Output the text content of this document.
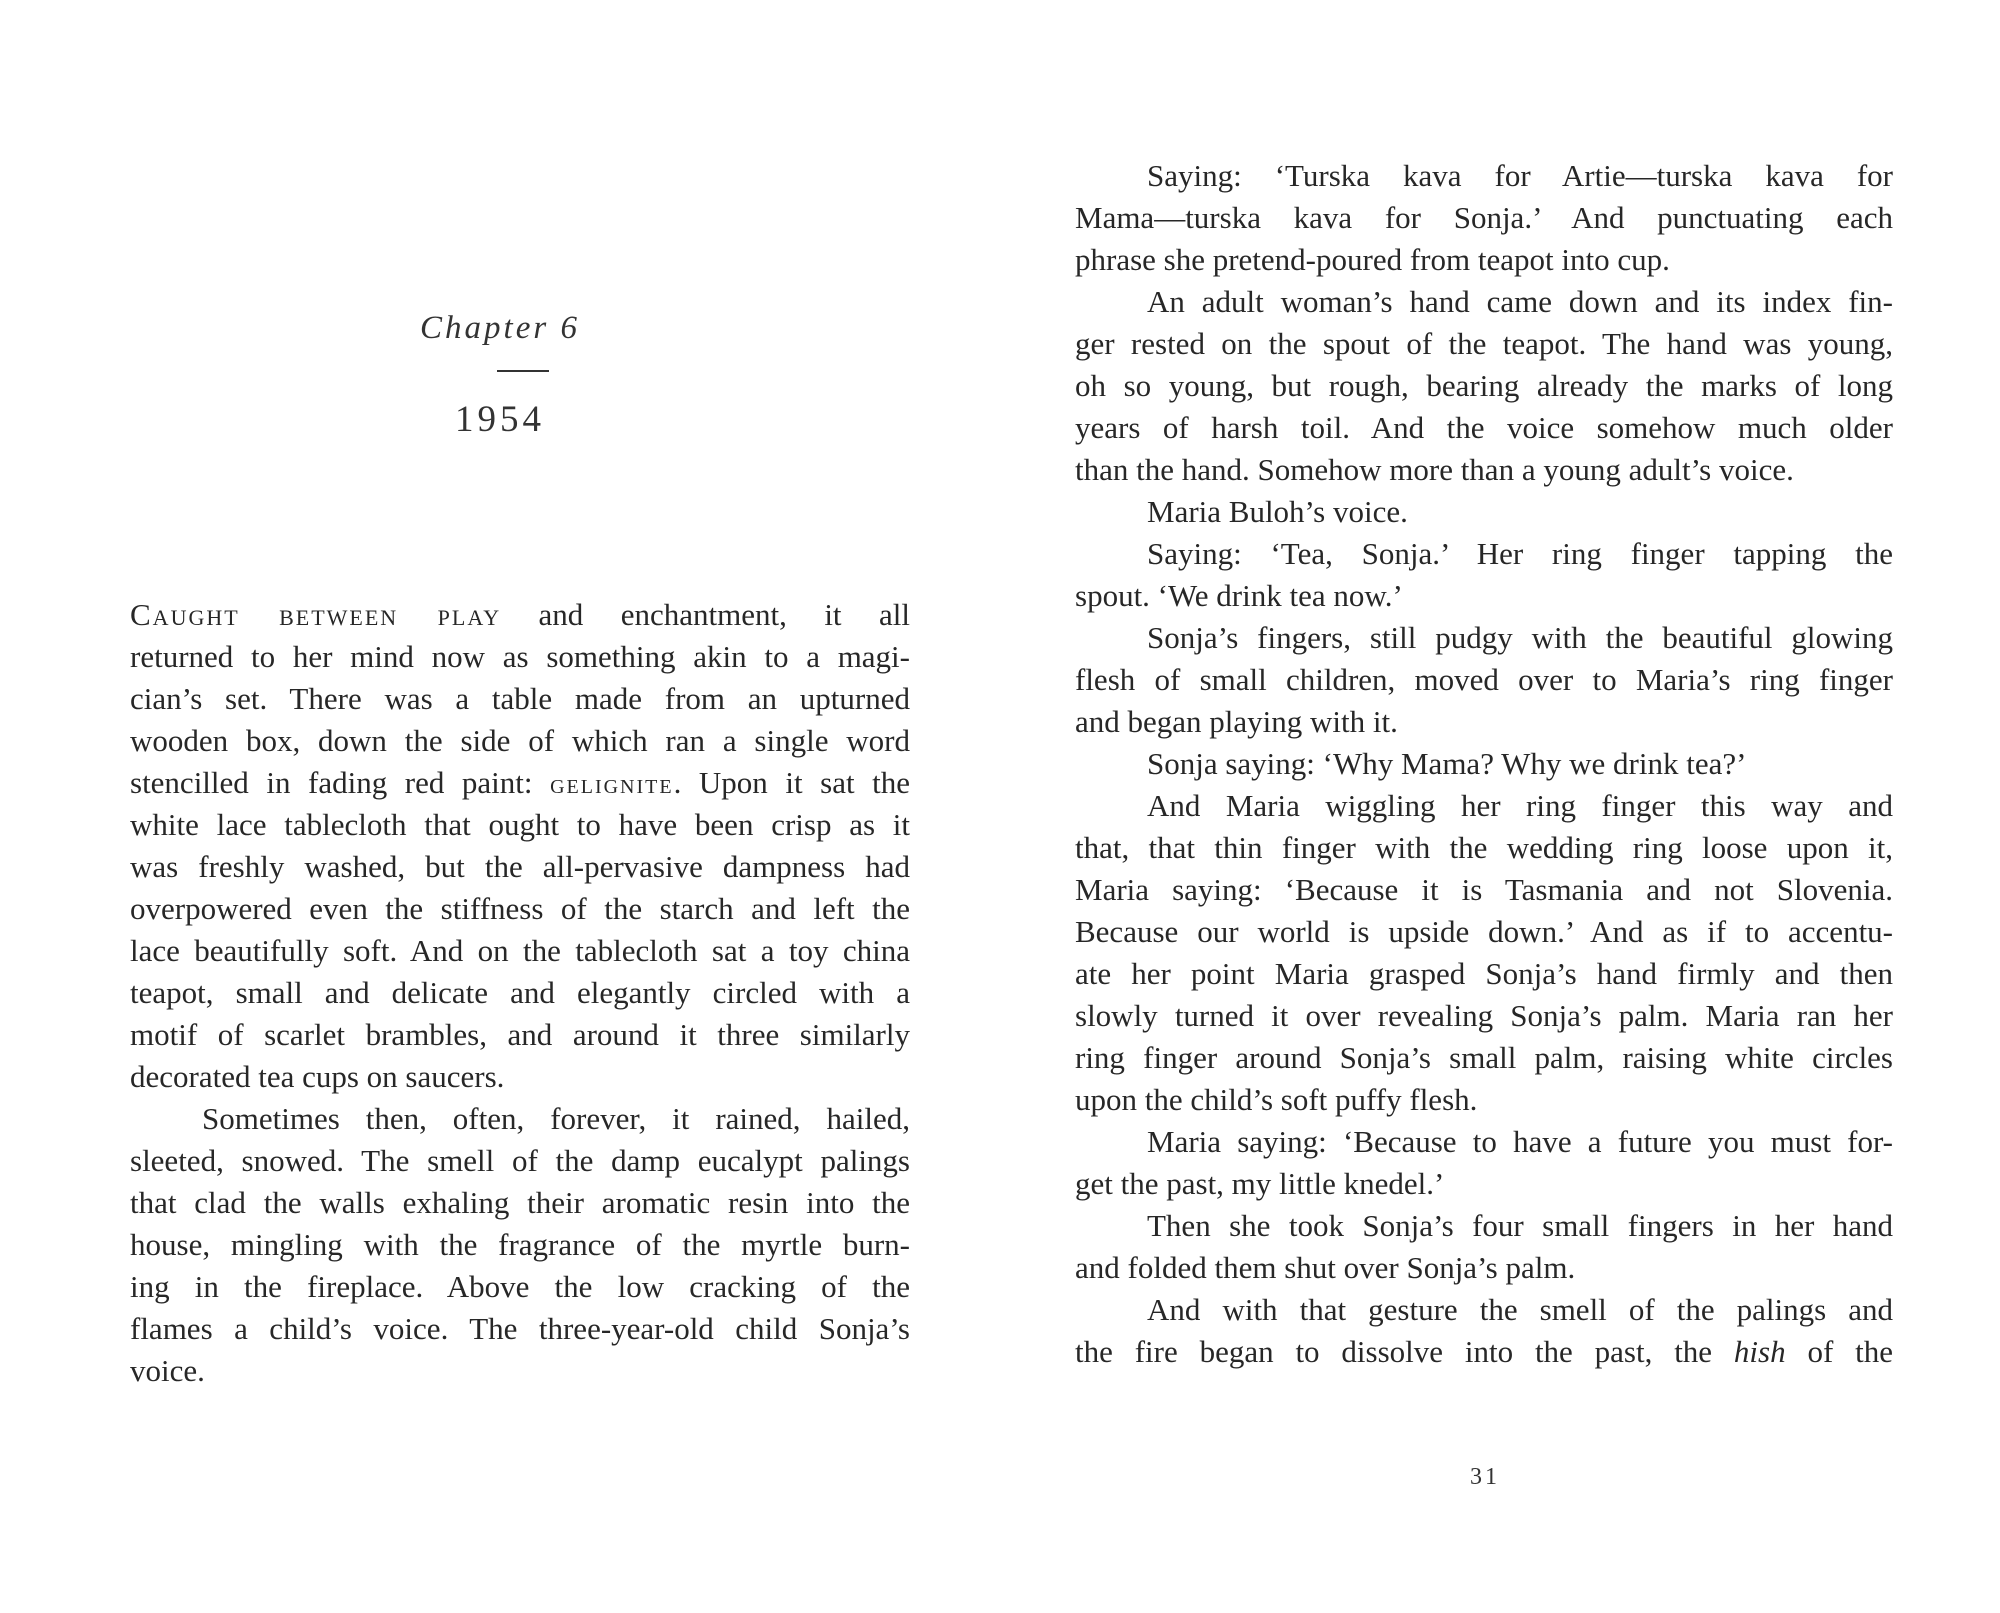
Chapter 6
1954
Caught between play and enchantment, it all
returned to her mind now as something akin to a magi-
cian’s set. There was a table made from an upturned
wooden box, down the side of which ran a single word
stencilled in fading red paint: gelignite. Upon it sat the
white lace tablecloth that ought to have been crisp as it
was freshly washed, but the all-pervasive dampness had
overpowered even the stiffness of the starch and left the
lace beautifully soft. And on the tablecloth sat a toy china
teapot, small and delicate and elegantly circled with a
motif of scarlet brambles, and around it three similarly
decorated tea cups on saucers.
Sometimes then, often, forever, it rained, hailed,
sleeted, snowed. The smell of the damp eucalypt palings
that clad the walls exhaling their aromatic resin into the
house, mingling with the fragrance of the myrtle burn-
ing in the fireplace. Above the low cracking of the
flames a child’s voice. The three-year-old child Sonja’s
voice.
Saying: ‘Turska kava for Artie—turska kava for
Mama—turska kava for Sonja.’ And punctuating each
phrase she pretend-poured from teapot into cup.
An adult woman’s hand came down and its index fin-
ger rested on the spout of the teapot. The hand was young,
oh so young, but rough, bearing already the marks of long
years of harsh toil. And the voice somehow much older
than the hand. Somehow more than a young adult’s voice.
Maria Buloh’s voice.
Saying: ‘Tea, Sonja.’ Her ring finger tapping the
spout. ‘We drink tea now.’
Sonja’s fingers, still pudgy with the beautiful glowing
flesh of small children, moved over to Maria’s ring finger
and began playing with it.
Sonja saying: ‘Why Mama? Why we drink tea?’
And Maria wiggling her ring finger this way and
that, that thin finger with the wedding ring loose upon it,
Maria saying: ‘Because it is Tasmania and not Slovenia.
Because our world is upside down.’ And as if to accentu-
ate her point Maria grasped Sonja’s hand firmly and then
slowly turned it over revealing Sonja’s palm. Maria ran her
ring finger around Sonja’s small palm, raising white circles
upon the child’s soft puffy flesh.
Maria saying: ‘Because to have a future you must for-
get the past, my little knedel.’
Then she took Sonja’s four small fingers in her hand
and folded them shut over Sonja’s palm.
And with that gesture the smell of the palings and
the fire began to dissolve into the past, the hish of the
31
